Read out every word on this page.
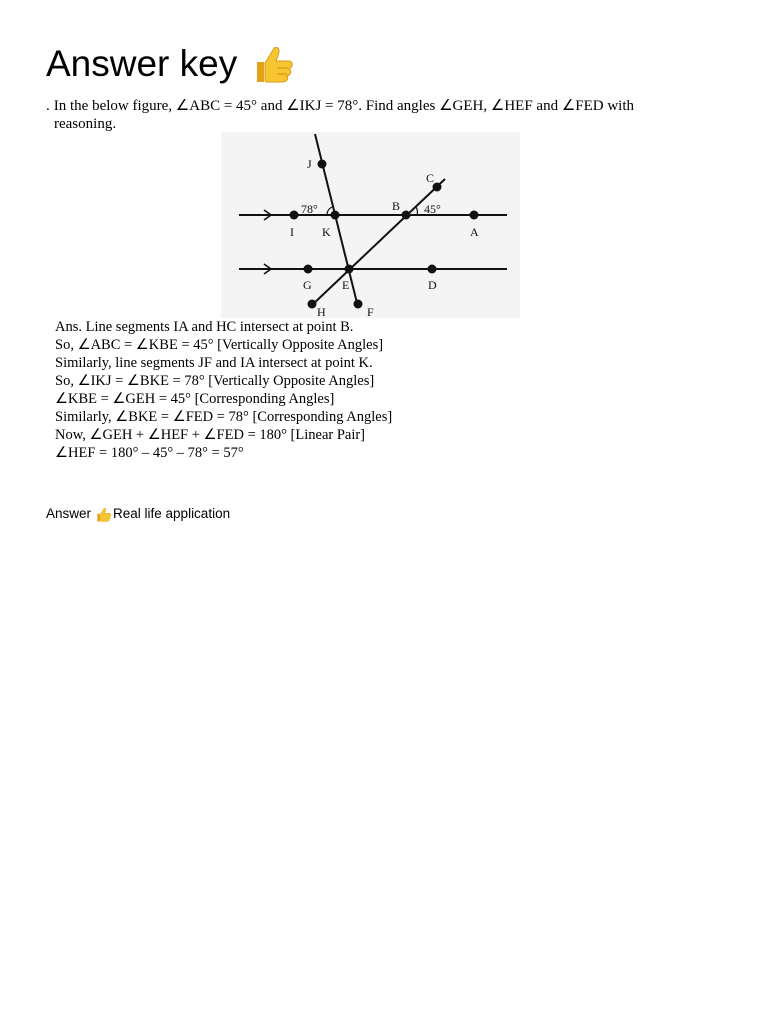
Answer key
. In the below figure, ∠ABC = 45° and ∠IKJ = 78°. Find angles ∠GEH, ∠HEF and ∠FED with
reasoning.
J
C
B
I K	A
G	E	D
H	F
78°	45°
Ans. Line segments IA and HC intersect at point B.
So, ∠ABC = ∠KBE = 45° [Vertically Opposite Angles]
Similarly, line segments JF and IA intersect at point K.
So, ∠IKJ = ∠BKE = 78° [Vertically Opposite Angles]
∠KBE = ∠GEH = 45° [Corresponding Angles]
Similarly, ∠BKE = ∠FED = 78° [Corresponding Angles]
Now, ∠GEH + ∠HEF + ∠FED = 180° [Linear Pair]
∠HEF = 180° – 45° – 78° = 57°
Answer Real life application
